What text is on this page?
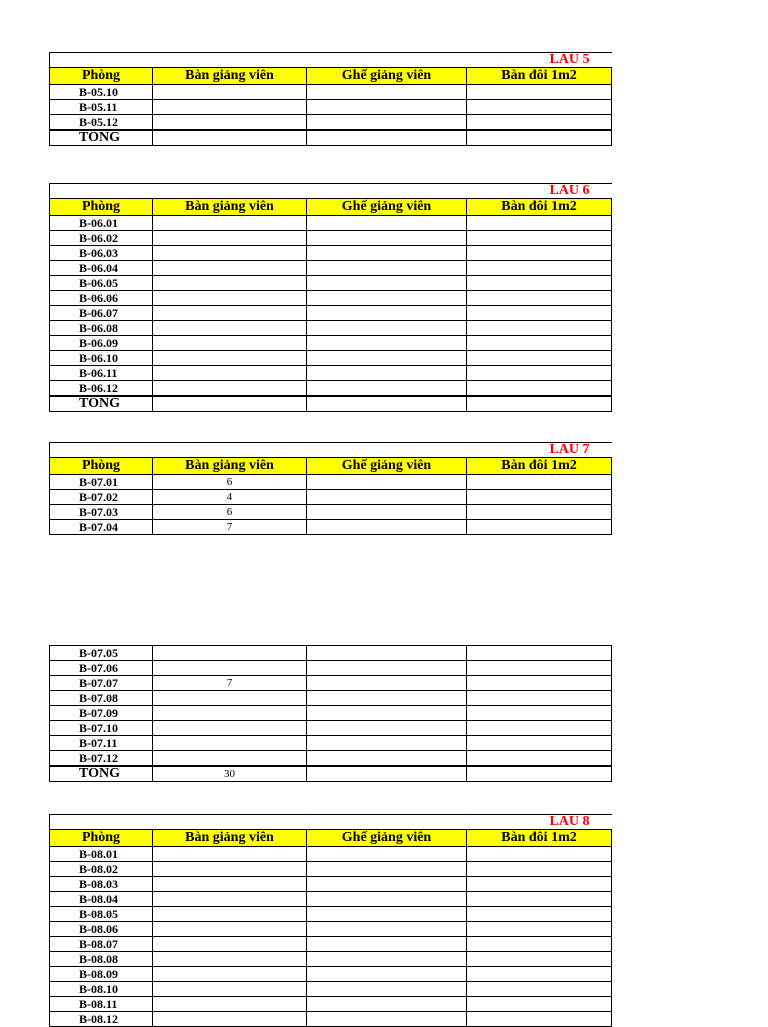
LAU 5			
Phòng	Bàn giảng viên	Ghế giảng viên	Bàn đôi 1m2
B-05.10			
B-05.11			
B-05.12			
TONG			
LAU 6			
Phòng	Bàn giảng viên	Ghế giảng viên	Bàn đôi 1m2
B-06.01			
B-06.02			
B-06.03			
B-06.04			
B-06.05			
B-06.06			
B-06.07			
B-06.08			
B-06.09			
B-06.10			
B-06.11			
B-06.12			
TONG			
LAU 7			
Phòng	Bàn giảng viên	Ghế giảng viên	Bàn đôi 1m2
B-07.01	6		
B-07.02	4		
B-07.03	6		
B-07.04	7		
B-07.05			
B-07.06			
B-07.07	7		
B-07.08			
B-07.09			
B-07.10			
B-07.11			
B-07.12			
TONG	30		
LAU 8			
Phòng	Bàn giảng viên	Ghế giảng viên	Bàn đôi 1m2
B-08.01			
B-08.02			
B-08.03			
B-08.04			
B-08.05			
B-08.06			
B-08.07			
B-08.08			
B-08.09			
B-08.10			
B-08.11			
B-08.12			
